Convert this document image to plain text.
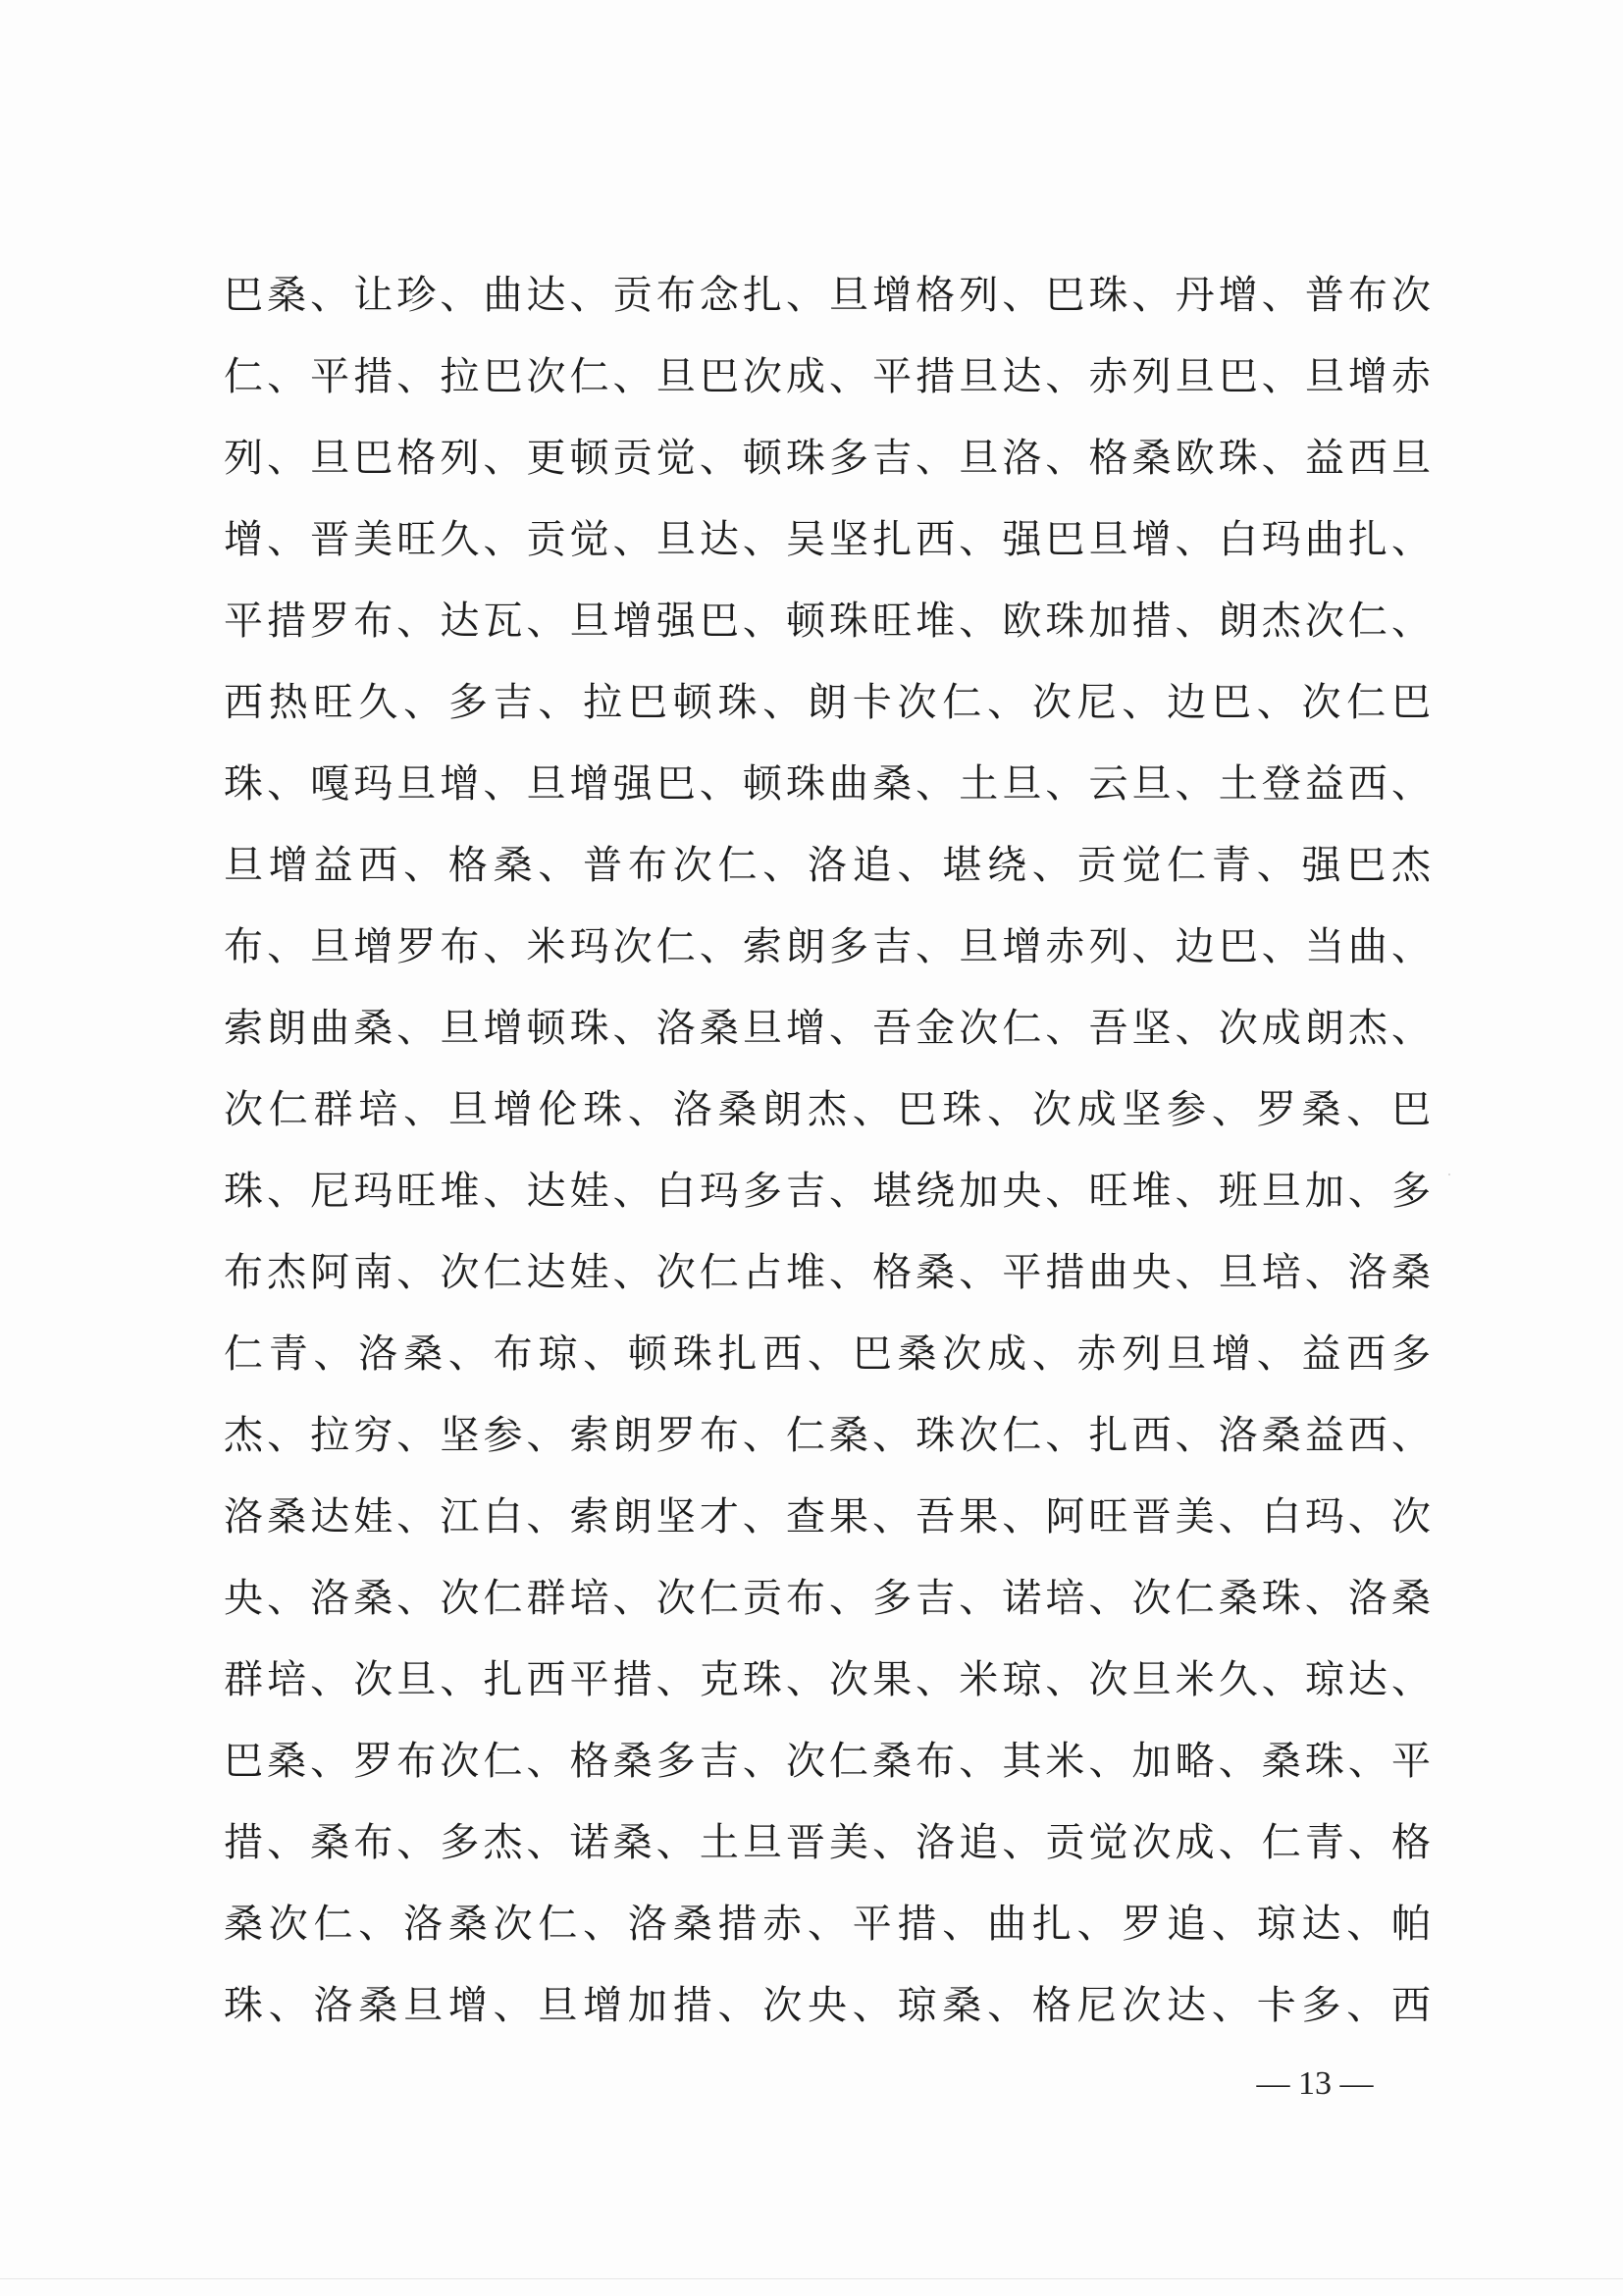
巴桑、让珍、曲达、贡布念扎、旦增格列、巴珠、丹增、普布次

仁、平措、拉巴次仁、旦巴次成、平措旦达、赤列旦巴、旦增赤

列、旦巴格列、更顿贡觉、顿珠多吉、旦洛、格桑欧珠、益西旦

增、晋美旺久、贡觉、旦达、吴坚扎西、强巴旦增、白玛曲扎、

平措罗布、达瓦、旦增强巴、顿珠旺堆、欧珠加措、朗杰次仁、

西热旺久、多吉、拉巴顿珠、朗卡次仁、次尼、边巴、次仁巴

珠、嘎玛旦增、旦增强巴、顿珠曲桑、土旦、云旦、土登益西、

旦增益西、格桑、普布次仁、洛追、堪绕、贡觉仁青、强巴杰

布、旦增罗布、米玛次仁、索朗多吉、旦增赤列、边巴、当曲、

索朗曲桑、旦增顿珠、洛桑旦增、吾金次仁、吾坚、次成朗杰、

次仁群培、旦增伦珠、洛桑朗杰、巴珠、次成坚参、罗桑、巴

珠、尼玛旺堆、达娃、白玛多吉、堪绕加央、旺堆、班旦加、多

布杰阿南、次仁达娃、次仁占堆、格桑、平措曲央、旦培、洛桑

仁青、洛桑、布琼、顿珠扎西、巴桑次成、赤列旦增、益西多

杰、拉穷、坚参、索朗罗布、仁桑、珠次仁、扎西、洛桑益西、

洛桑达娃、江白、索朗坚才、查果、吾果、阿旺晋美、白玛、次

央、洛桑、次仁群培、次仁贡布、多吉、诺培、次仁桑珠、洛桑

群培、次旦、扎西平措、克珠、次果、米琼、次旦米久、琼达、

巴桑、罗布次仁、格桑多吉、次仁桑布、其米、加略、桑珠、平

措、桑布、多杰、诺桑、土旦晋美、洛追、贡觉次成、仁青、格

桑次仁、洛桑次仁、洛桑措赤、平措、曲扎、罗追、琼达、帕

珠、洛桑旦增、旦增加措、次央、琼桑、格尼次达、卡多、西

— 13 —
